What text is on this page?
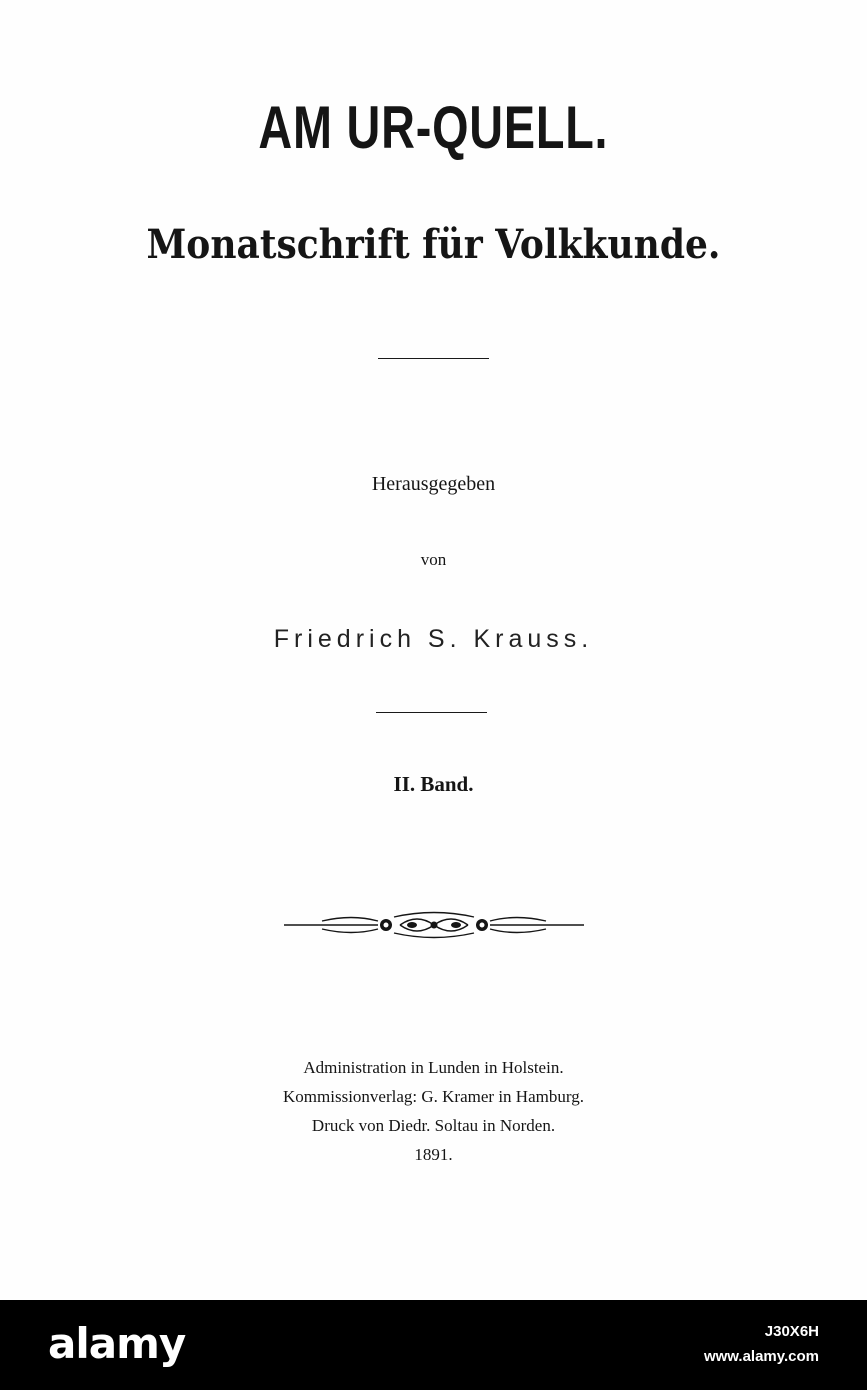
AM UR-QUELL.
Monatschrift für Volkkunde.
Herausgegeben
von
Friedrich S. Krauss.
II. Band.
Administration in Lunden in Holstein.
Kommissionverlag: G. Kramer in Hamburg.
Druck von Diedr. Soltau in Norden.
1891.
alamy	J30X6H
www.alamy.com
